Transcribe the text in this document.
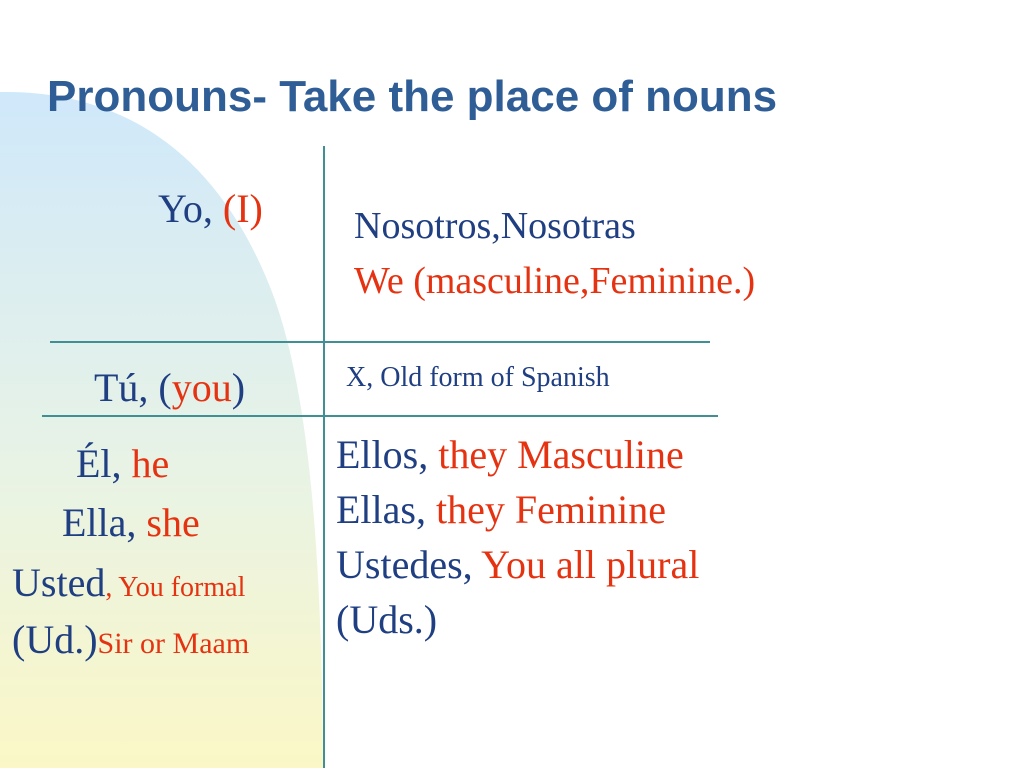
Pronouns- Take the place of nouns
Yo, (I) Nosotros,Nosotras
We (masculine,Feminine.)
Tú, (you)	X, Old form of Spanish
Él, he
Ella, she
Usted, You formal
(Ud.)Sir or Maam
Ellos, they Masculine
Ellas, they Feminine
Ustedes, You all plural
(Uds.)
